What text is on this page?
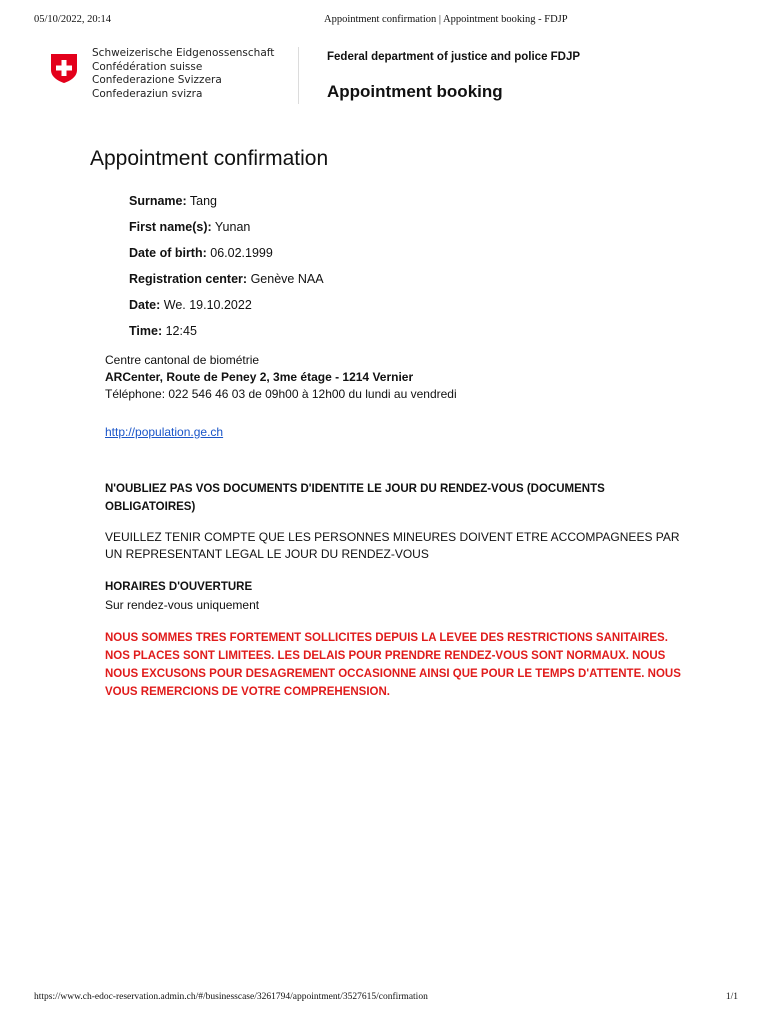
05/10/2022, 20:14	Appointment confirmation | Appointment booking - FDJP
Schweizerische Eidgenossenschaft
Confédération suisse
Confederazione Svizzera
Confederaziun svizra
Federal department of justice and police FDJP
Appointment booking
Appointment confirmation
Surname: Tang
First name(s): Yunan
Date of birth: 06.02.1999
Registration center: Genève NAA
Date: We. 19.10.2022
Time: 12:45
Centre cantonal de biométrie
ARCenter, Route de Peney 2, 3me étage - 1214 Vernier
Téléphone: 022 546 46 03 de 09h00 à 12h00 du lundi au vendredi
http://population.ge.ch
N'OUBLIEZ PAS VOS DOCUMENTS D'IDENTITE LE JOUR DU RENDEZ-VOUS (DOCUMENTS OBLIGATOIRES)
VEUILLEZ TENIR COMPTE QUE LES PERSONNES MINEURES DOIVENT ETRE ACCOMPAGNEES PAR UN REPRESENTANT LEGAL LE JOUR DU RENDEZ-VOUS
HORAIRES D'OUVERTURE
Sur rendez-vous uniquement
NOUS SOMMES TRES FORTEMENT SOLLICITES DEPUIS LA LEVEE DES RESTRICTIONS SANITAIRES. NOS PLACES SONT LIMITEES. LES DELAIS POUR PRENDRE RENDEZ-VOUS SONT NORMAUX. NOUS NOUS EXCUSONS POUR DESAGREMENT OCCASIONNE AINSI QUE POUR LE TEMPS D'ATTENTE. NOUS VOUS REMERCIONS DE VOTRE COMPREHENSION.
https://www.ch-edoc-reservation.admin.ch/#/businesscase/3261794/appointment/3527615/confirmation	1/1
